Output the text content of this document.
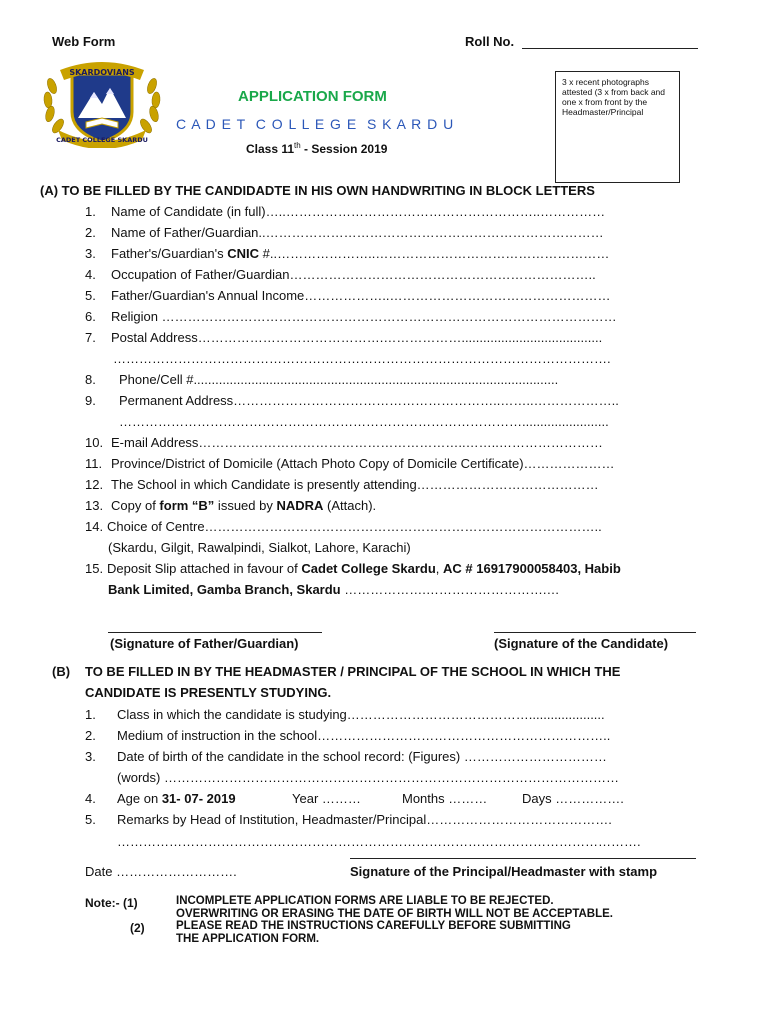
Web Form	Roll No.
SKARDOVIANS
CADET COLLEGE SKARDU
APPLICATION FORM
C A D E T  C O L L E G E  S K A R D U
Class 11th - Session 2019
3 x recent photographs attested (3 x from back and one x from front by the Headmaster/Principal
(A) TO BE FILLED BY THE CANDIDADTE IN HIS OWN HANDWRITING IN BLOCK LETTERS
1. Name of Candidate (in full)…..…………………………………………………..……………
2. Name of Father/Guardian..……………………………………………………………………
3. Father's/Guardian's CNIC #..…………………..………………………………………………
4. Occupation of Father/Guardian……………………………………………………………..
5. Father/Guardian's Annual Income………………..……………………………………………
6. Religion ……………………………………………………………………………………………
7. Postal Address…………………………………….……………….......................................
…………………………………………………………………………………………………….
8. Phone/Cell #.....................................................................................................
9. Permanent Address……………………………………………………..……..………………..
…………………………………………………………………………………........................
10. E-mail Address……………………………………………………..……..……………………
11. Province/District of Domicile (Attach Photo Copy of Domicile Certificate)…………………
12. The School in which Candidate is presently attending……………………………………
13. Copy of form “B” issued by NADRA (Attach).
14. Choice of Centre………………………………………………………………………………..
(Skardu, Gilgit, Rawalpindi, Sialkot, Lahore, Karachi)
15. Deposit Slip attached in favour of Cadet College Skardu, AC # 16917900058403, Habib
Bank Limited, Gamba Branch, Skardu ……………….……………………….…
(Signature of Father/Guardian)	(Signature of the Candidate)
(B) TO BE FILLED IN BY THE HEADMASTER / PRINCIPAL OF THE SCHOOL IN WHICH THE
CANDIDATE IS PRESENTLY STUDYING.
1. Class in which the candidate is studying…………………………………….....................
2. Medium of instruction in the school…………………………………………………………..
3. Date of birth of the candidate in the school record: (Figures) ……………………………
(words) ……………………………………………………………………………………………
4. Age on 31- 07- 2019	Year ………	Months ………	Days …………….
5. Remarks by Head of Institution, Headmaster/Principal…………………………………….
………………………………………………………………………………………………………….
Date ……………………….	Signature of the Principal/Headmaster with stamp
Note:- (1)
(2)
INCOMPLETE APPLICATION FORMS ARE LIABLE TO BE REJECTED.
OVERWRITING OR ERASING THE DATE OF BIRTH WILL NOT BE ACCEPTABLE.
PLEASE READ THE INSTRUCTIONS CAREFULLY BEFORE SUBMITTING
THE APPLICATION FORM.
